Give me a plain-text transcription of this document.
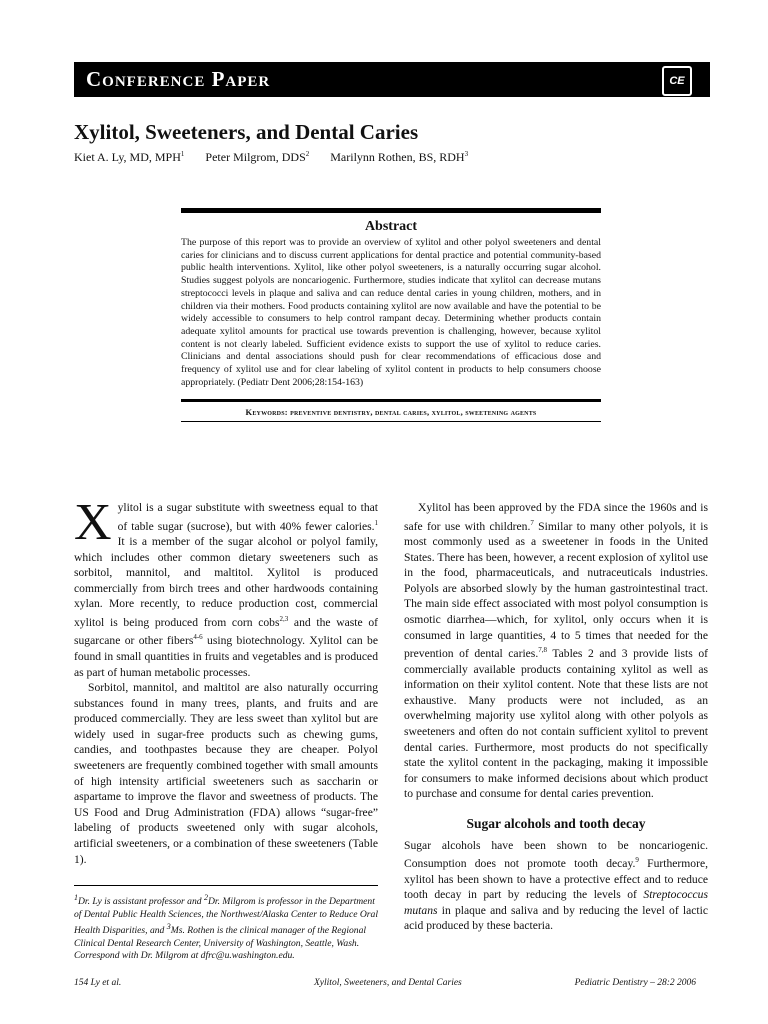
Conference Paper	CE
Xylitol, Sweeteners, and Dental Caries
Kiet A. Ly, MD, MPH$^1$ Peter Milgrom, DDS$^2$ Marilynn Rothen, BS, RDH$^3$
Abstract

The purpose of this report was to provide an overview of xylitol and other polyol sweeteners and dental caries for clinicians and to discuss current applications for dental practice and potential community-based public health interventions. Xylitol, like other polyol sweeteners, is a naturally occurring sugar alcohol. Studies suggest polyols are noncariogenic. Furthermore, studies indicate that xylitol can decrease mutans streptococci levels in plaque and saliva and can reduce dental caries in young children, mothers, and in children via their mothers. Food products containing xylitol are now available and have the potential to be widely accessible to consumers to help control rampant decay. Determining whether products contain adequate xylitol amounts for practical use towards prevention is challenging, however, because xylitol content is not clearly labeled. Sufficient evidence exists to support the use of xylitol to reduce caries. Clinicians and dental associations should push for clear recommendations of efficacious dose and frequency of xylitol use and for clear labeling of xylitol content in products to help consumers choose appropriately. (Pediatr Dent 2006;28:154-163)

Keywords: preventive dentistry, dental caries, xylitol, sweetening agents

Xylitol is a sugar substitute with sweetness equal to that of table sugar (sucrose), but with 40% fewer calories.$^1$ It is a member of the sugar alcohol or polyol family, which includes other common dietary sweeteners such as sorbitol, mannitol, and maltitol. Xylitol is produced commercially from birch trees and other hardwoods containing xylan. More recently, to reduce production cost, commercial xylitol is being produced from corn cobs$^{2,3}$ and the waste of sugarcane or other fibers$^{4-6}$ using biotechnology. Xylitol can be found in small quantities in fruits and vegetables and is produced as part of human metabolic processes.

Sorbitol, mannitol, and maltitol are also naturally occurring substances found in many trees, plants, and fruits and are produced commercially. They are less sweet than xylitol but are widely used in sugar-free products such as chewing gums, candies, and toothpastes because they are cheaper. Polyol sweeteners are frequently combined together with small amounts of high intensity artificial sweeteners such as saccharin or aspartame to improve the flavor and sweetness of products. The US Food and Drug Administration (FDA) allows “sugar-free” labeling of products sweetened only with sugar alcohols, artificial sweeteners, or a combination of these sweeteners (Table 1).

Xylitol has been approved by the FDA since the 1960s and is safe for use with children.$^7$ Similar to many other polyols, it is most commonly used as a sweetener in foods in the United States. There has been, however, a recent explosion of xylitol use in the food, pharmaceuticals, and nutraceuticals industries. Polyols are absorbed slowly by the human gastrointestinal tract. The main side effect associated with most polyol consumption is osmotic diarrhea—which, for xylitol, only occurs when it is consumed in large quantities, 4 to 5 times that needed for the prevention of dental caries.$^{7,8}$ Tables 2 and 3 provide lists of commercially available products containing xylitol as well as information on their xylitol content. Note that these lists are not exhaustive. Many products were not included, as an overwhelming majority use xylitol along with other polyols as sweeteners and often do not contain sufficient xylitol to prevent dental caries. Furthermore, most products do not specifically state the xylitol content in the packaging, making it impossible for consumers to make informed decisions about which product to purchase and consume for dental caries prevention.

Sugar alcohols and tooth decay

Sugar alcohols have been shown to be noncariogenic. Consumption does not promote tooth decay.$^9$ Furthermore, xylitol has been shown to have a protective effect and to reduce tooth decay in part by reducing the levels of Streptococcus mutans in plaque and saliva and by reducing the level of lactic acid produced by these bacteria.

$^1$Dr. Ly is assistant professor and $^2$Dr. Milgrom is professor in the Department of Dental Public Health Sciences, the Northwest/Alaska Center to Reduce Oral Health Disparities, and $^3$Ms. Rothen is the clinical manager of the Regional Clinical Dental Research Center, University of Washington, Seattle, Wash.

Correspond with Dr. Milgrom at dfrc@u.washington.edu.

154 Ly et al.	Xylitol, Sweeteners, and Dental Caries	Pediatric Dentistry – 28:2 2006
